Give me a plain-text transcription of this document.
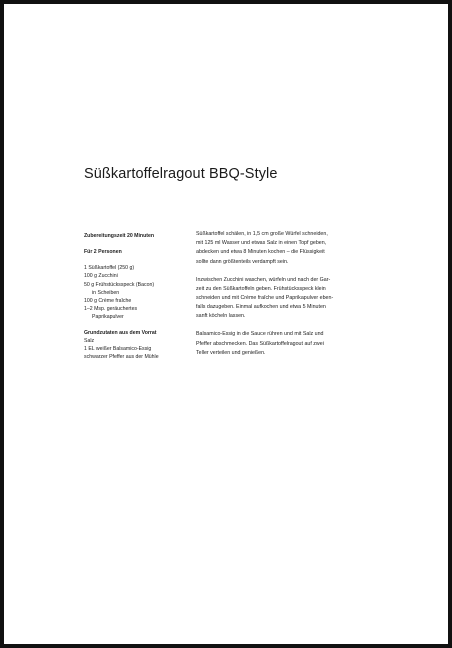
Süßkartoffelragout BBQ-Style
Zubereitungszeit 20 Minuten
Für 2 Personen
1 Süßkartoffel (250 g)
100 g Zucchini
50 g Frühstücksspeck (Bacon)
in Scheiben
100 g Crème fraîche
1–2 Msp. geräuchertes
Paprikapulver
Grundzutaten aus dem Vorrat
Salz
1 EL weißer Balsamico-Essig
schwarzer Pfeffer aus der Mühle

Süßkartoffel schälen, in 1,5 cm große Würfel schneiden,
mit 125 ml Wasser und etwas Salz in einen Topf geben,
abdecken und etwa 8 Minuten kochen – die Flüssigkeit
sollte dann größtenteils verdampft sein.

Inzwischen Zucchini waschen, würfeln und nach der Gar-
zeit zu den Süßkartoffeln geben. Frühstücksspeck klein
schneiden und mit Crème fraîche und Paprikapulver eben-
falls dazugeben. Einmal aufkochen und etwa 5 Minuten
sanft köcheln lassen.

Balsamico-Essig in die Sauce rühren und mit Salz und
Pfeffer abschmecken. Das Süßkartoffelragout auf zwei
Teller verteilen und genießen.
